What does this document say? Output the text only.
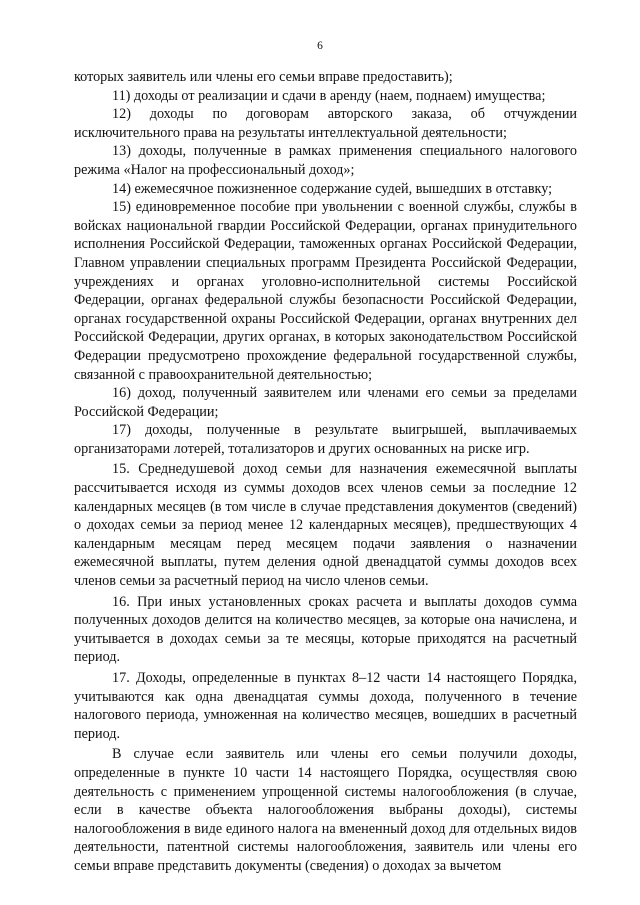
6

которых заявитель или члены его семьи вправе предоставить);

11) доходы от реализации и сдачи в аренду (наем, поднаем) имущества;

12) доходы по договорам авторского заказа, об отчуждении исключительного права на результаты интеллектуальной деятельности;

13) доходы, полученные в рамках применения специального налогового режима «Налог на профессиональный доход»;

14) ежемесячное пожизненное содержание судей, вышедших в отставку;

15) единовременное пособие при увольнении с военной службы, службы в войсках национальной гвардии Российской Федерации, органах принудительного исполнения Российской Федерации, таможенных органах Российской Федерации, Главном управлении специальных программ Президента Российской Федерации, учреждениях и органах уголовно-исполнительной системы Российской Федерации, органах федеральной службы безопасности Российской Федерации, органах государственной охраны Российской Федерации, органах внутренних дел Российской Федерации, других органах, в которых законодательством Российской Федерации предусмотрено прохождение федеральной государственной службы, связанной с правоохранительной деятельностью;

16) доход, полученный заявителем или членами его семьи за пределами Российской Федерации;

17) доходы, полученные в результате выигрышей, выплачиваемых организаторами лотерей, тотализаторов и других основанных на риске игр.

15. Среднедушевой доход семьи для назначения ежемесячной выплаты рассчитывается исходя из суммы доходов всех членов семьи за последние 12 календарных месяцев (в том числе в случае представления документов (сведений) о доходах семьи за период менее 12 календарных месяцев), предшествующих 4 календарным месяцам перед месяцем подачи заявления о назначении ежемесячной выплаты, путем деления одной двенадцатой суммы доходов всех членов семьи за расчетный период на число членов семьи.

16. При иных установленных сроках расчета и выплаты доходов сумма полученных доходов делится на количество месяцев, за которые она начислена, и учитывается в доходах семьи за те месяцы, которые приходятся на расчетный период.

17. Доходы, определенные в пунктах 8–12 части 14 настоящего Порядка, учитываются как одна двенадцатая суммы дохода, полученного в течение налогового периода, умноженная на количество месяцев, вошедших в расчетный период.

В случае если заявитель или члены его семьи получили доходы, определенные в пункте 10 части 14 настоящего Порядка, осуществляя свою деятельность с применением упрощенной системы налогообложения (в случае, если в качестве объекта налогообложения выбраны доходы), системы налогообложения в виде единого налога на вмененный доход для отдельных видов деятельности, патентной системы налогообложения, заявитель или члены его семьи вправе представить документы (сведения) о доходах за вычетом
